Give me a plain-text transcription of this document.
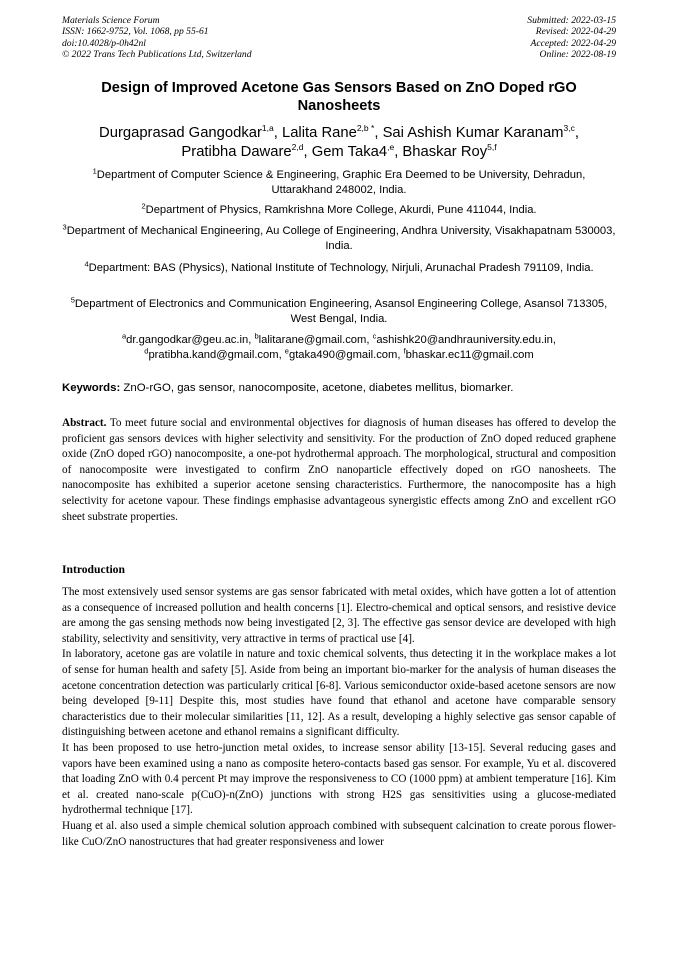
Materials Science Forum
ISSN: 1662-9752, Vol. 1068, pp 55-61
doi:10.4028/p-0h42nl
© 2022 Trans Tech Publications Ltd, Switzerland
Submitted: 2022-03-15
Revised: 2022-04-29
Accepted: 2022-04-29
Online: 2022-08-19
Design of Improved Acetone Gas Sensors Based on ZnO Doped rGO Nanosheets
Durgaprasad Gangodkar$^{1,a}$, Lalita Rane$^{2,b *}$, Sai Ashish Kumar Karanam$^{3,c}$,
Pratibha Daware$^{2,d}$, Gem $Taka4^{,e}$, Bhaskar Roy$^{5,f}$
$^1$Department of Computer Science & Engineering, Graphic Era Deemed to be University, Dehradun, Uttarakhand 248002, India.
$^2$Department of Physics, Ramkrishna More College, Akurdi, Pune 411044, India.
$^3$Department of Mechanical Engineering, Au College of Engineering, Andhra University, Visakhapatnam 530003, India.
$^4$Department: BAS (Physics), National Institute of Technology, Nirjuli, Arunachal Pradesh 791109, India.
$^5$Department of Electronics and Communication Engineering, Asansol Engineering College, Asansol 713305, West Bengal, India.
$^a$dr.gangodkar@geu.ac.in, $^b$lalitarane@gmail.com, $^c$ashishk20@andhrauniversity.edu.in,
$^d$pratibha.kand@gmail.com, $^e$gtaka490@gmail.com, $^f$bhaskar.ec11@gmail.com
Keywords: ZnO-rGO, gas sensor, nanocomposite, acetone, diabetes mellitus, biomarker.
Abstract. To meet future social and environmental objectives for diagnosis of human diseases has offered to develop the proficient gas sensors devices with higher selectivity and sensitivity. For the production of ZnO doped reduced graphene oxide (ZnO doped rGO) nanocomposite, a one-pot hydrothermal approach. The morphological, structural and composition of nanocomposite were investigated to confirm ZnO nanoparticle effectively doped on rGO nanosheets. The nanocomposite has exhibited a superior acetone sensing characteristics. Furthermore, the nanocomposite has a high selectivity for acetone vapour. These findings emphasise advantageous synergistic effects among ZnO and excellent rGO sheet substrate properties.
Introduction

The most extensively used sensor systems are gas sensor fabricated with metal oxides, which have gotten a lot of attention as a consequence of increased pollution and health concerns [1]. Electro-chemical and optical sensors, and resistive device are among the gas sensing methods now being investigated [2, 3]. The effective gas sensor device are developed with high stability, selectivity and sensitivity, very attractive in terms of practical use [4].

In laboratory, acetone gas are volatile in nature and toxic chemical solvents, thus detecting it in the workplace makes a lot of sense for human health and safety [5]. Aside from being an important bio-marker for the analysis of human diseases the acetone concentration detection was particularly critical [6-8]. Various semiconductor oxide-based acetone sensors are now being developed [9-11] Despite this, most studies have found that ethanol and acetone have comparable sensory characteristics due to their molecular similarities [11, 12]. As a result, developing a highly selective gas sensor capable of distinguishing between acetone and ethanol remains a significant difficulty.

It has been proposed to use hetro-junction metal oxides, to increase sensor ability [13-15]. Several reducing gases and vapors have been examined using a nano as composite hetero-contacts based gas sensor. For example, Yu et al. discovered that loading ZnO with 0.4 percent Pt may improve the responsiveness to CO (1000 ppm) at ambient temperature [16]. Kim et al. created nano-scale p(CuO)-n(ZnO) junctions with strong H2S gas sensitivities using a glucose-mediated hydrothermal technique [17].

Huang et al. also used a simple chemical solution approach combined with subsequent calcination to create porous flower-like CuO/ZnO nanostructures that had greater responsiveness and lower
